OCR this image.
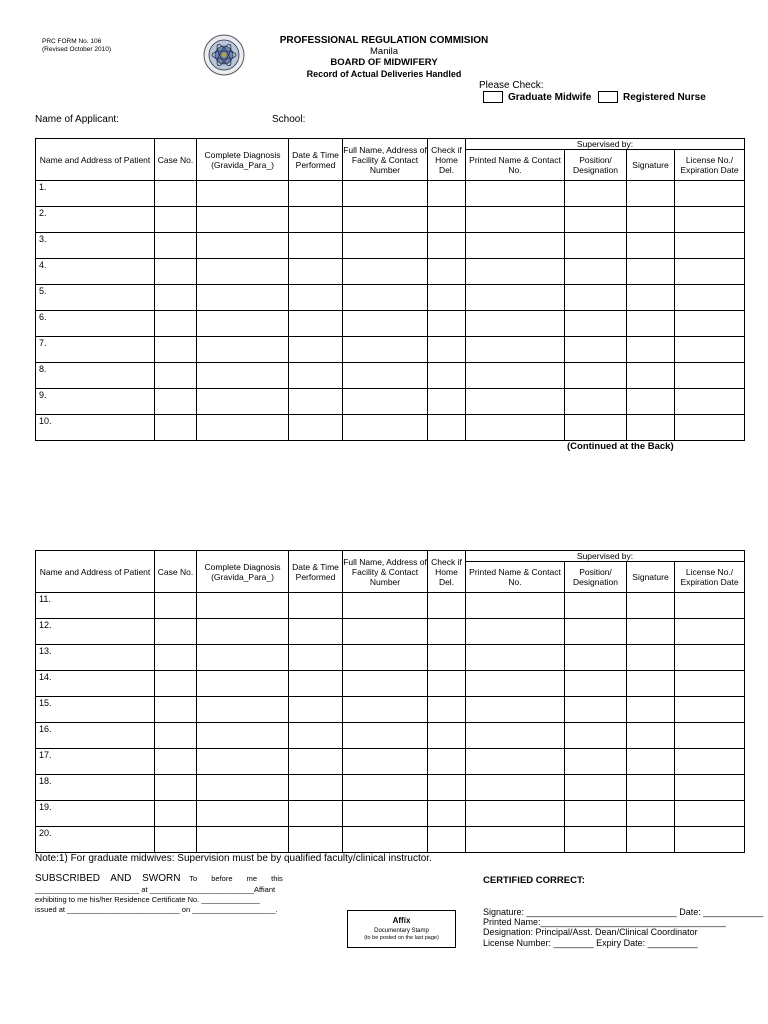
PRC FORM No. 106
(Revised October 2010)
PROFESSIONAL REGULATION COMMISION
Manila
BOARD OF MIDWIFERY
Record of Actual Deliveries Handled
Please Check:
Graduate Midwife	Registered Nurse
Name of Applicant:	School:
Name and Address of Patient	Case No.	Complete Diagnosis (Gravida_Para_)	Date & Time Performed	Full Name, Address of Facility & Contact Number	Check if Home Del.	Supervised by:			
						Printed Name & Contact No.	Position/ Designation	Signature	License No./ Expiration Date
1.									
2.									
3.									
4.									
5.									
6.									
7.									
8.									
9.									
10.									
(Continued at the Back)
Name and Address of Patient	Case No.	Complete Diagnosis (Gravida_Para_)	Date & Time Performed	Full Name, Address of Facility & Contact Number	Check if Home Del.	Supervised by:			
						Printed Name & Contact No.	Position/ Designation	Signature	License No./ Expiration Date
11.									
12.									
13.									
14.									
15.									
16.									
17.									
18.									
19.									
20.									
Note:1) For graduate midwives: Supervision must be by qualified faculty/clinical instructor.
SUBSCRIBED AND SWORN To before me this
_________________________ at _________________________Affiant
exhibiting to me his/her Residence Certificate No. ______________
issued at ___________________________ on ____________________.
Affix
Documentary Stamp
(to be posted on the last page)
CERTIFIED CORRECT:
Signature: ______________________________ Date: ____________
Printed Name:_____________________________________
Designation: Principal/Asst. Dean/Clinical Coordinator
License Number: ________ Expiry Date: __________
